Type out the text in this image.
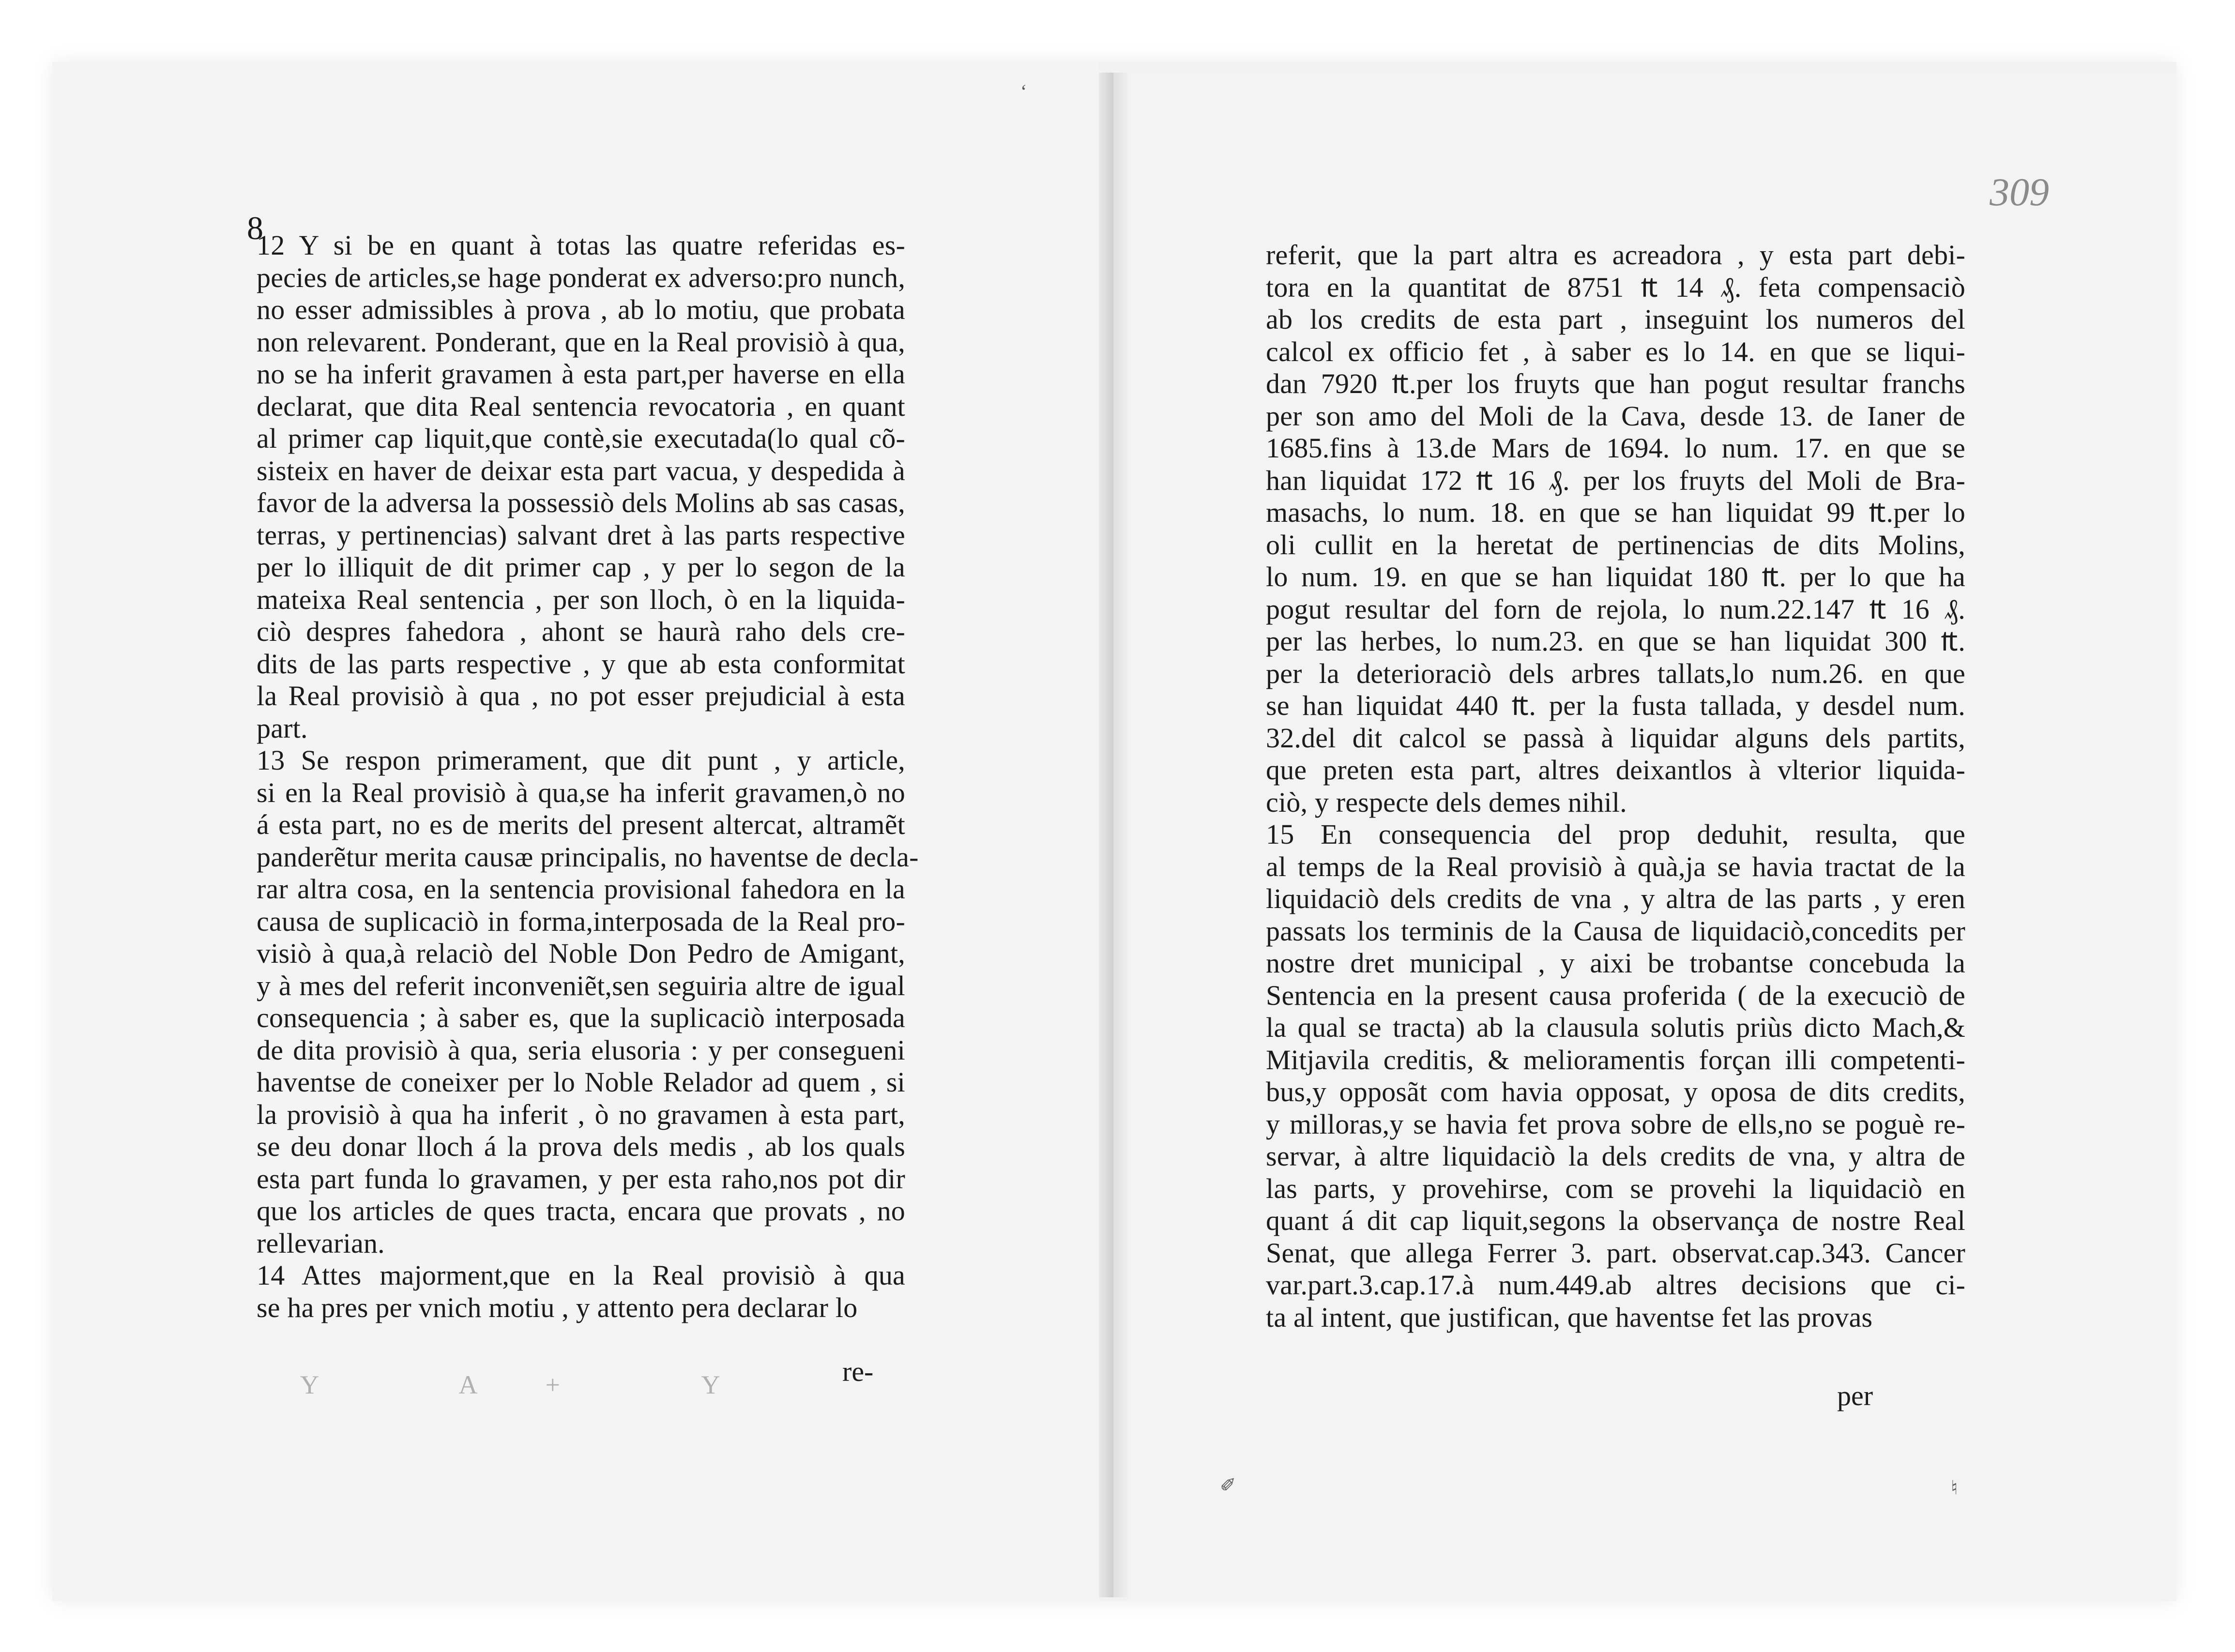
8
12 Y si be en quant à totas las quatre referidas es-
pecies de articles,se hage ponderat ex adverso:pro nunch,
no esser admissibles à prova , ab lo motiu, que probata
non relevarent. Ponderant, que en la Real provisiò à qua,
no se ha inferit gravamen à esta part,per haverse en ella
declarat, que dita Real sentencia revocatoria , en quant
al primer cap liquit,que contè,sie executada(lo qual cõ-
sisteix en haver de deixar esta part vacua, y despedida à
favor de la adversa la possessiò dels Molins ab sas casas,
terras, y pertinencias) salvant dret à las parts respective
per lo illiquit de dit primer cap , y per lo segon de la
mateixa Real sentencia , per son lloch, ò en la liquida-
ciò despres fahedora , ahont se haurà raho dels cre-
dits de las parts respective , y que ab esta conformitat
la Real provisiò à qua , no pot esser prejudicial à esta
part.
13 Se respon primerament, que dit punt , y article,
si en la Real provisiò à qua,se ha inferit gravamen,ò no
á esta part, no es de merits del present altercat, altramẽt
panderẽtur merita causæ principalis, no haventse de decla-
rar altra cosa, en la sentencia provisional fahedora en la
causa de suplicaciò in forma,interposada de la Real pro-
visiò à qua,à relaciò del Noble Don Pedro de Amigant,
y à mes del referit inconveniẽt,sen seguiria altre de igual
consequencia ; à saber es, que la suplicaciò interposada
de dita provisiò à qua, seria elusoria : y per consegueni
haventse de coneixer per lo Noble Relador ad quem , si
la provisiò à qua ha inferit , ò no gravamen à esta part,
se deu donar lloch á la prova dels medis , ab los quals
esta part funda lo gravamen, y per esta raho,nos pot dir
que los articles de ques tracta, encara que provats , no
rellevarian.
14 Attes majorment,que en la Real provisiò à qua
se ha pres per vnich motiu , y attento pera declarar lo
re-
Y A+ Y
309
referit, que la part altra es acreadora , y esta part debi-
tora en la quantitat de 8751 ₶ 14 ₰. feta compensaciò
ab los credits de esta part , inseguint los numeros del
calcol ex officio fet , à saber es lo 14. en que se liqui-
dan 7920 ₶.per los fruyts que han pogut resultar franchs
per son amo del Moli de la Cava, desde 13. de Ianer de
1685.fins à 13.de Mars de 1694. lo num. 17. en que se
han liquidat 172 ₶ 16 ₰. per los fruyts del Moli de Bra-
masachs, lo num. 18. en que se han liquidat 99 ₶.per lo
oli cullit en la heretat de pertinencias de dits Molins,
lo num. 19. en que se han liquidat 180 ₶. per lo que ha
pogut resultar del forn de rejola, lo num.22.147 ₶ 16 ₰.
per las herbes, lo num.23. en que se han liquidat 300 ₶.
per la deterioraciò dels arbres tallats,lo num.26. en que
se han liquidat 440 ₶. per la fusta tallada, y desdel num.
32.del dit calcol se passà à liquidar alguns dels partits,
que preten esta part, altres deixantlos à vlterior liquida-
ciò, y respecte dels demes nihil.
15 En consequencia del prop deduhit, resulta, que
al temps de la Real provisiò à quà,ja se havia tractat de la
liquidaciò dels credits de vna , y altra de las parts , y eren
passats los terminis de la Causa de liquidaciò,concedits per
nostre dret municipal , y aixi be trobantse concebuda la
Sentencia en la present causa proferida ( de la execuciò de
la qual se tracta) ab la clausula solutis priùs dicto Mach,&
Mitjavila creditis, & melioramentis forçan illi competenti-
bus,y opposãt com havia opposat, y oposa de dits credits,
y milloras,y se havia fet prova sobre de ells,no se poguè re-
servar, à altre liquidaciò la dels credits de vna, y altra de
las parts, y provehirse, com se provehi la liquidaciò en
quant á dit cap liquit,segons la observança de nostre Real
Senat, que allega Ferrer 3. part. observat.cap.343. Cancer
var.part.3.cap.17.à num.449.ab altres decisions que ci-
ta al intent, que justifican, que haventse fet las provas
per
‘
✐	♮
